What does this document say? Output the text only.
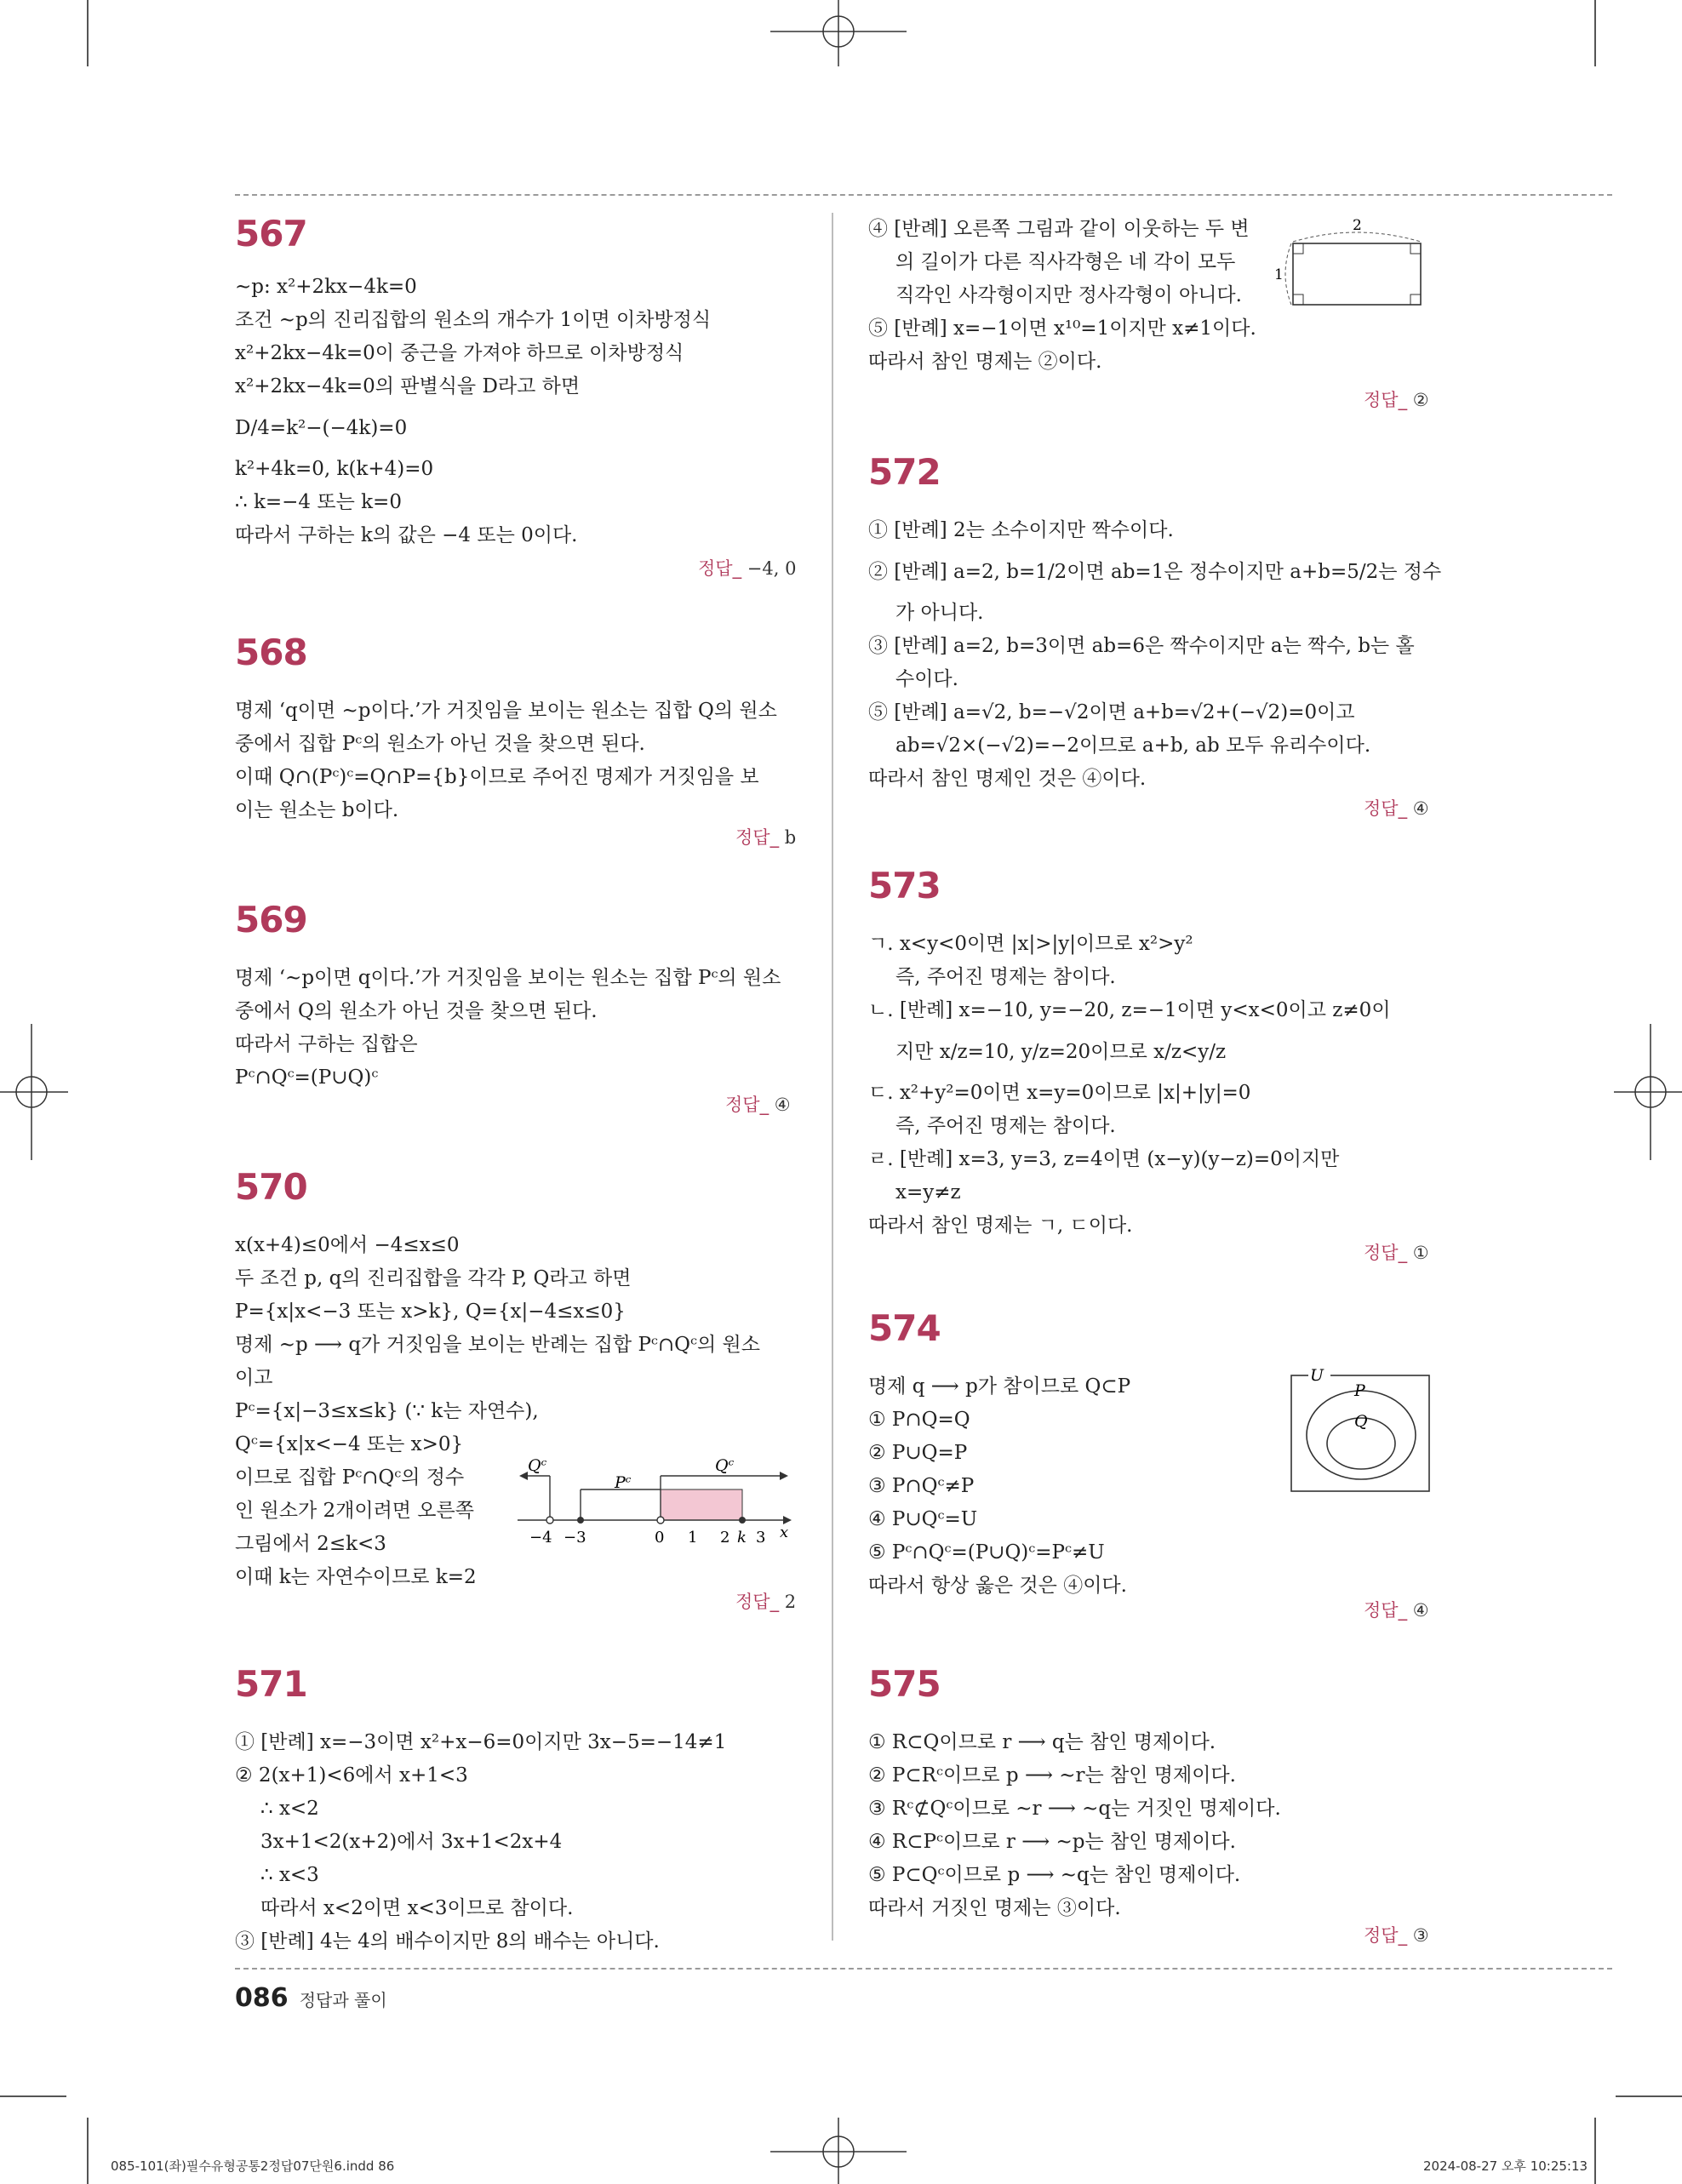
567
∼p: x²+2kx−4k=0
조건 ∼p의 진리집합의 원소의 개수가 1이면 이차방정식
x²+2kx−4k=0이 중근을 가져야 하므로 이차방정식
x²+2kx−4k=0의 판별식을 D라고 하면
D/4=k²−(−4k)=0
k²+4k=0, k(k+4)=0
∴ k=−4 또는 k=0
따라서 구하는 k의 값은 −4 또는 0이다.
정답_ −4, 0
568
명제 ‘q이면 ∼p이다.’가 거짓임을 보이는 원소는 집합 Q의 원소
중에서 집합 Pᶜ의 원소가 아닌 것을 찾으면 된다.
이때 Q∩(Pᶜ)ᶜ=Q∩P={b}이므로 주어진 명제가 거짓임을 보
이는 원소는 b이다.
정답_ b
569
명제 ‘∼p이면 q이다.’가 거짓임을 보이는 원소는 집합 Pᶜ의 원소
중에서 Q의 원소가 아닌 것을 찾으면 된다.
따라서 구하는 집합은
Pᶜ∩Qᶜ=(P∪Q)ᶜ
정답_ ④
570
x(x+4)≤0에서 −4≤x≤0
두 조건 p, q의 진리집합을 각각 P, Q라고 하면
P={x|x<−3 또는 x>k}, Q={x|−4≤x≤0}
명제 ∼p ⟶ q가 거짓임을 보이는 반례는 집합 Pᶜ∩Qᶜ의 원소
이고
Pᶜ={x|−3≤x≤k} (∵ k는 자연수),
Qᶜ={x|x<−4 또는 x>0}
이므로 집합 Pᶜ∩Qᶜ의 정수
인 원소가 2개이려면 오른쪽
그림에서 2≤k<3
이때 k는 자연수이므로 k=2
Qᶜ
Pᶜ
Qᶜ
−4 −3	0 1 2 k 3 x
정답_ 2
571
① [반례] x=−3이면 x²+x−6=0이지만 3x−5=−14≠1
② 2(x+1)<6에서 x+1<3
∴ x<2
3x+1<2(x+2)에서 3x+1<2x+4
∴ x<3
따라서 x<2이면 x<3이므로 참이다.
③ [반례] 4는 4의 배수이지만 8의 배수는 아니다.
④ [반례] 오른쪽 그림과 같이 이웃하는 두 변
의 길이가 다른 직사각형은 네 각이 모두
직각인 사각형이지만 정사각형이 아니다.
⑤ [반례] x=−1이면 x¹⁰=1이지만 x≠1이다.
따라서 참인 명제는 ②이다.
2
1
정답_ ②
572
① [반례] 2는 소수이지만 짝수이다.
② [반례] a=2, b=1/2이면 ab=1은 정수이지만 a+b=5/2는 정수
가 아니다.
③ [반례] a=2, b=3이면 ab=6은 짝수이지만 a는 짝수, b는 홀
수이다.
⑤ [반례] a=√2, b=−√2이면 a+b=√2+(−√2)=0이고
ab=√2×(−√2)=−2이므로 a+b, ab 모두 유리수이다.
따라서 참인 명제인 것은 ④이다.
정답_ ④
573
ㄱ. x<y<0이면 |x|>|y|이므로 x²>y²
즉, 주어진 명제는 참이다.
ㄴ. [반례] x=−10, y=−20, z=−1이면 y<x<0이고 z≠0이
지만 x/z=10, y/z=20이므로 x/z<y/z
ㄷ. x²+y²=0이면 x=y=0이므로 |x|+|y|=0
즉, 주어진 명제는 참이다.
ㄹ. [반례] x=3, y=3, z=4이면 (x−y)(y−z)=0이지만
x=y≠z
따라서 참인 명제는 ㄱ, ㄷ이다.
정답_ ①
574
명제 q ⟶ p가 참이므로 Q⊂P
① P∩Q=Q
② P∪Q=P
③ P∩Qᶜ≠P
④ P∪Qᶜ=U
⑤ Pᶜ∩Qᶜ=(P∪Q)ᶜ=Pᶜ≠U
따라서 항상 옳은 것은 ④이다.
U
P
Q
정답_ ④
575
① R⊂Q이므로 r ⟶ q는 참인 명제이다.
② P⊂Rᶜ이므로 p ⟶ ∼r는 참인 명제이다.
③ Rᶜ⊄Qᶜ이므로 ∼r ⟶ ∼q는 거짓인 명제이다.
④ R⊂Pᶜ이므로 r ⟶ ∼p는 참인 명제이다.
⑤ P⊂Qᶜ이므로 p ⟶ ∼q는 참인 명제이다.
따라서 거짓인 명제는 ③이다.
정답_ ③
086 정답과 풀이
085-101(좌)필수유형공통2정답07단원6.indd 86	2024-08-27 오후 10:25:13
